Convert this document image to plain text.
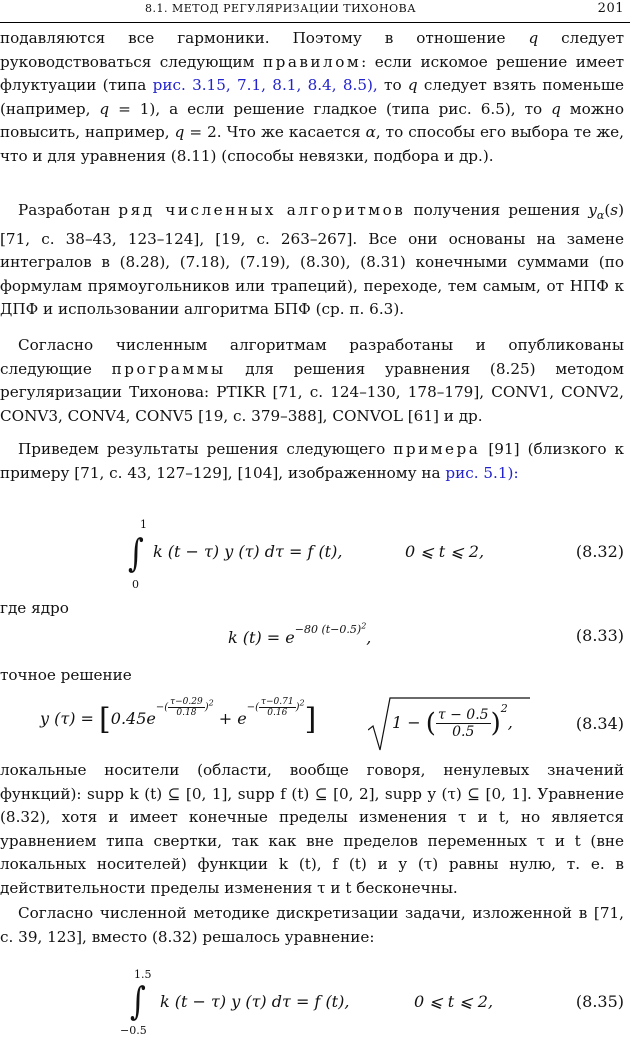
8.1. МЕТОД РЕГУЛЯРИЗАЦИИ ТИХОНОВА	201

подавляются все гармоники. Поэтому в отношение q следует руководствоваться следующим правилом: если искомое решение имеет флуктуации (типа рис. 3.15, 7.1, 8.1, 8.4, 8.5), то q следует взять поменьше (например, q = 1), а если решение гладкое (типа рис. 6.5), то q можно повысить, например, q = 2. Что же касается α, то способы его выбора те же, что и для уравнения (8.11) (способы невязки, подбора и др.).

Разработан ряд численных алгоритмов получения решения $y_\alpha(s)$ [71, с. 38–43, 123–124], [19, с. 263–267]. Все они основаны на замене интегралов в (8.28), (7.18), (7.19), (8.30), (8.31) конечными суммами (по формулам прямоугольников или трапеций), переходе, тем самым, от НПФ к ДПФ и использовании алгоритма БПФ (ср. п. 6.3).

Согласно численным алгоритмам разработаны и опубликованы следующие программы для решения уравнения (8.25) методом регуляризации Тихонова: PTIKR [71, с. 124–130, 178–179], CONV1, CONV2, CONV3, CONV4, CONV5 [19, с. 379–388], CONVOL [61] и др.

Приведем результаты решения следующего примера [91] (близкого к примеру [71, с. 43, 127–129], [104], изображенному на рис. 5.1):

1
∫
0
k (t − τ) y (τ) dτ = f (t),	0 ⩽ t ⩽ 2,	(8.32)

где ядро

k $(t) = e^{-80 (t-0.5)^2}$,	(8.33)

точное решение

y $(\tau) = [0.45e^{-( \frac{\tau-0.29}{0.18} )^2} + e^{-( \frac{\tau-0.71}{0.16} )^2}]$	1 − ( $\frac{\tau - 0.5}{0.5} )^2$,	(8.34)

локальные носители (области, вообще говоря, ненулевых значений функций): supp k (t) ⊆ [0, 1], supp f (t) ⊆ [0, 2], supp y (τ) ⊆ [0, 1]. Уравнение (8.32), хотя и имеет конечные пределы изменения τ и t, но является уравнением типа свертки, так как вне пределов переменных τ и t (вне локальных носителей) функции k (t), f (t) и y (τ) равны нулю, т. е. в действительности пределы изменения τ и t бесконечны.

Согласно численной методике дискретизации задачи, изложенной в [71, с. 39, 123], вместо (8.32) решалось уравнение:

1.5
∫
−0.5
k (t − τ) y (τ) dτ = f (t),	0 ⩽ t ⩽ 2,	(8.35)
